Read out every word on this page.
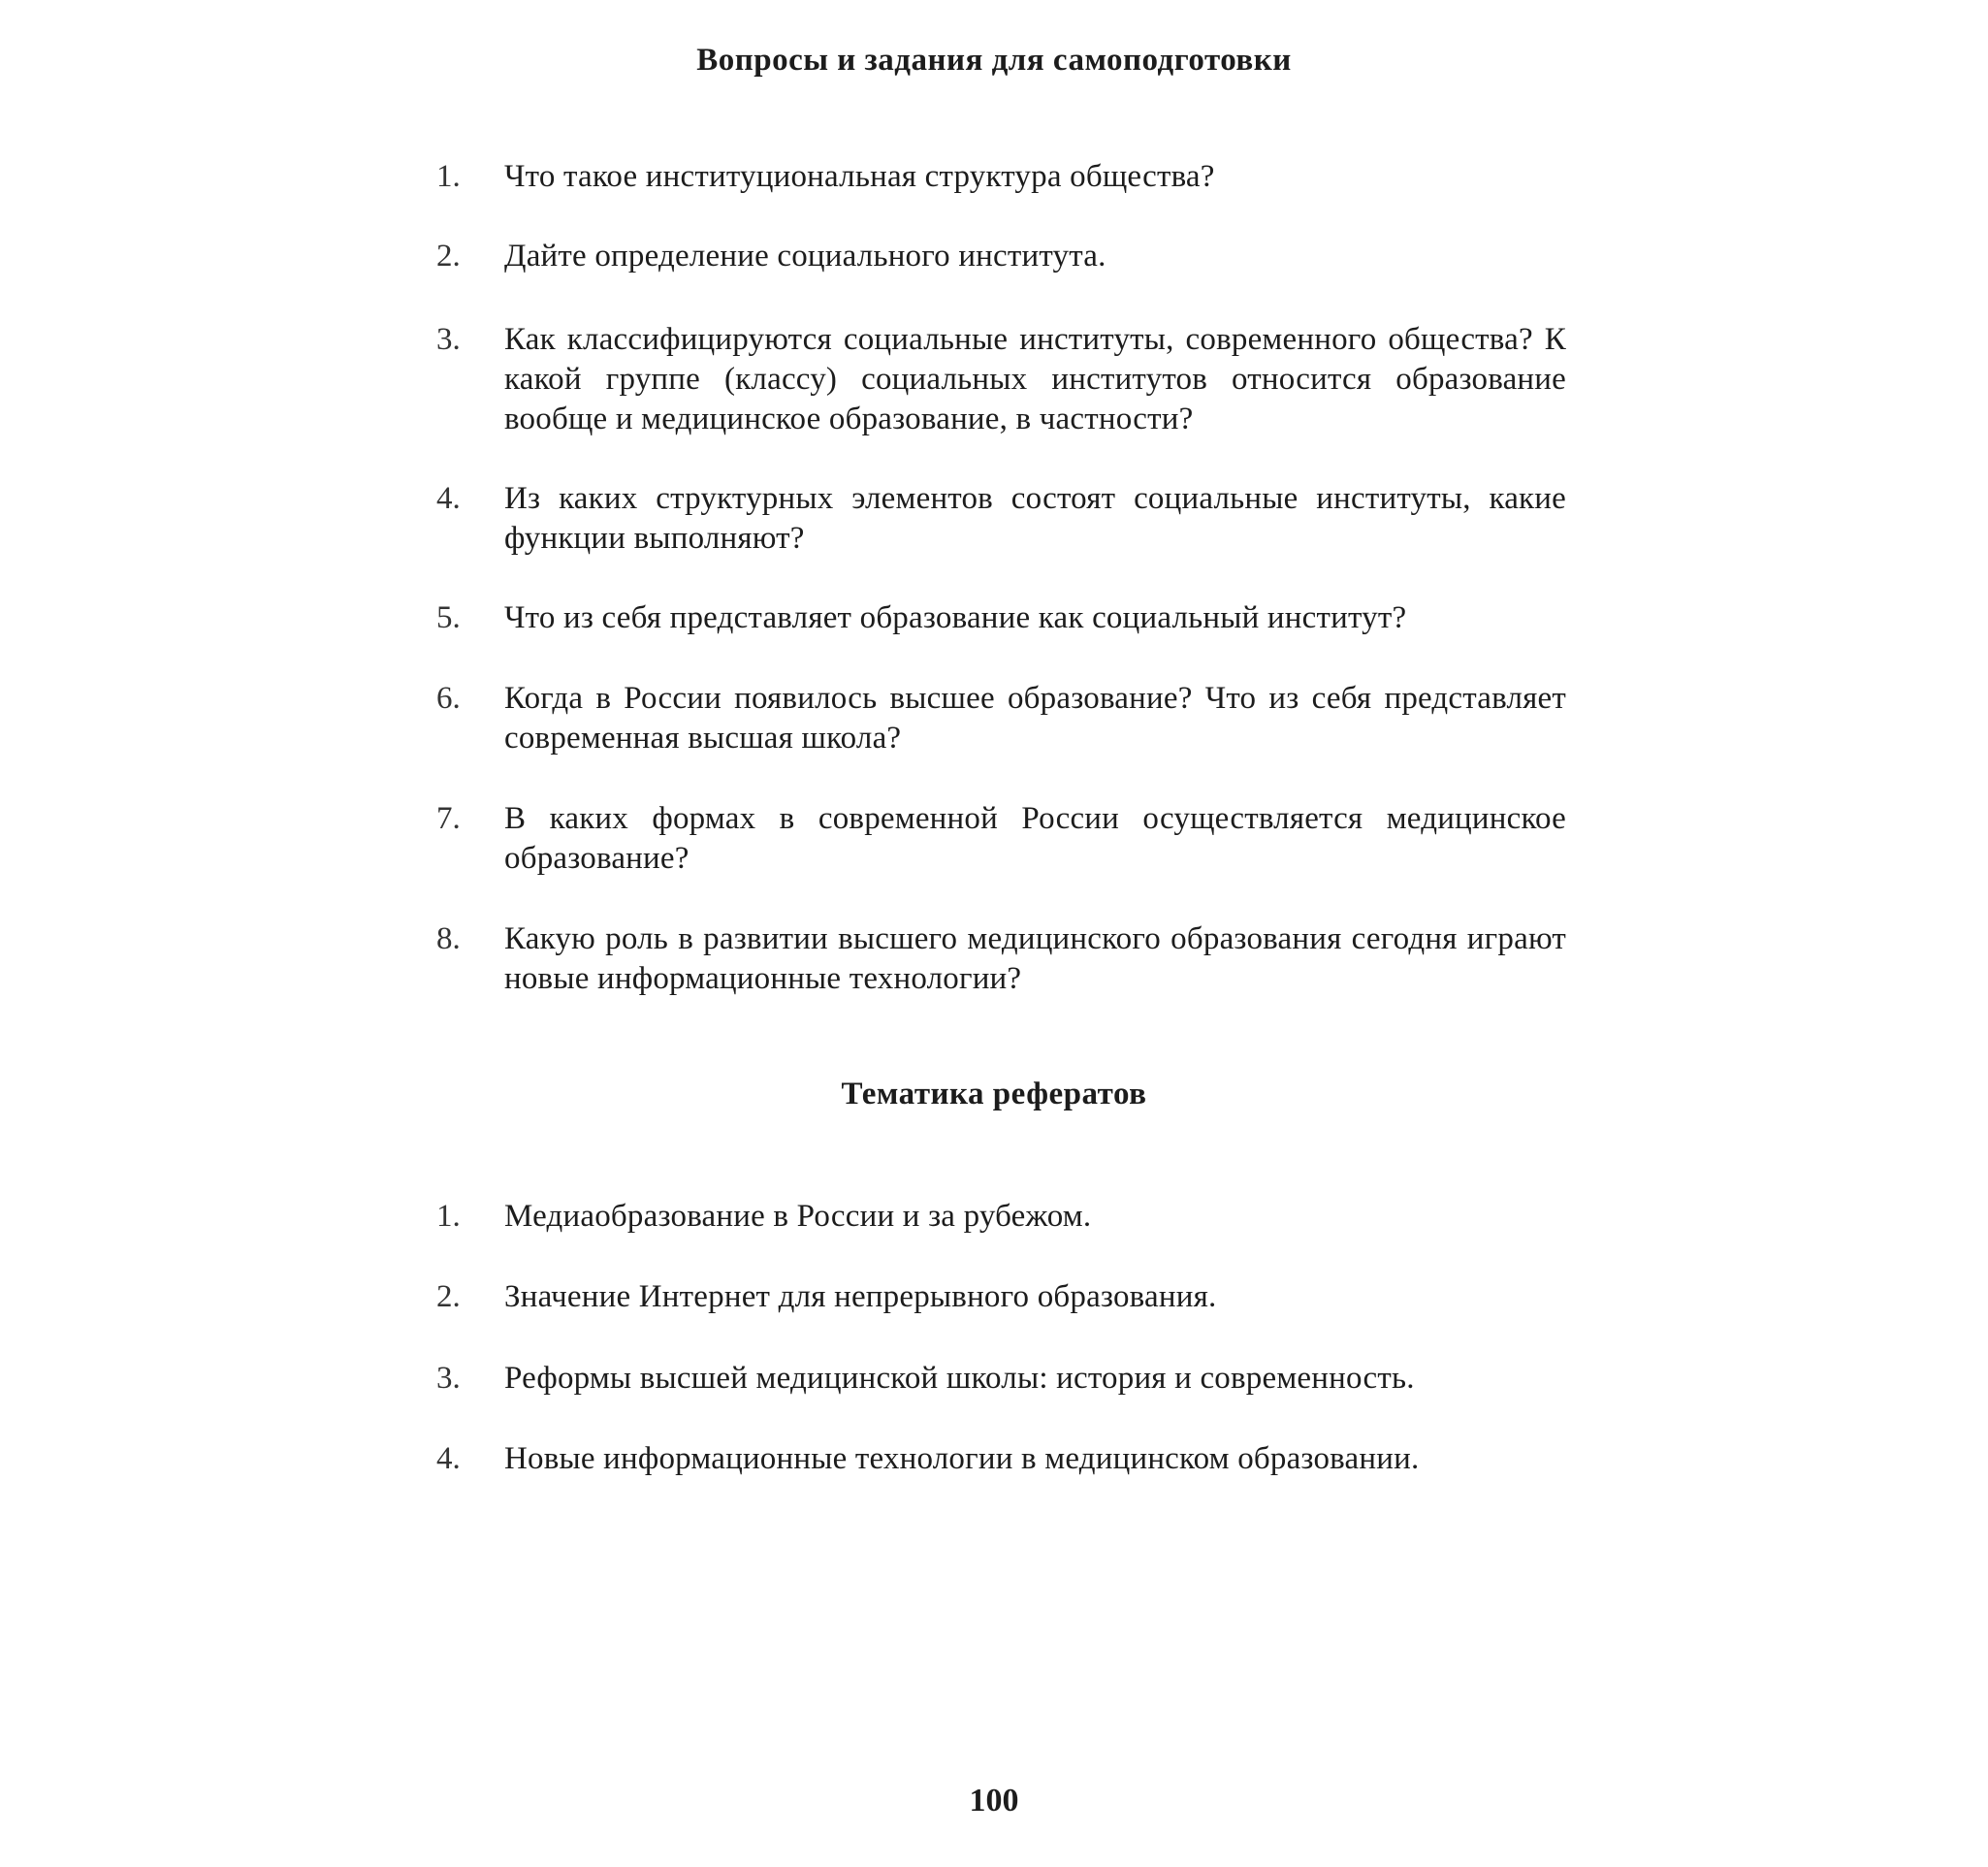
Вопросы и задания для самоподготовки
1. Что такое институциональная структура общества?
2. Дайте определение социального института.
3. Как классифицируются социальные институты, современного общества? К какой группе (классу) социальных институтов относится образование вообще и медицинское образование, в частности?
4. Из каких структурных элементов состоят социальные институты, какие функции выполняют?
5. Что из себя представляет образование как социальный институт?
6. Когда в России появилось высшее образование? Что из себя представляет современная высшая школа?
7. В каких формах в современной России осуществляется медицинское образование?
8. Какую роль в развитии высшего медицинского образования сегодня играют новые информационные технологии?
Тематика рефератов
1. Медиаобразование в России и за рубежом.
2. Значение Интернет для непрерывного образования.
3. Реформы высшей медицинской школы: история и современность.
4. Новые информационные технологии в медицинском образовании.
100
